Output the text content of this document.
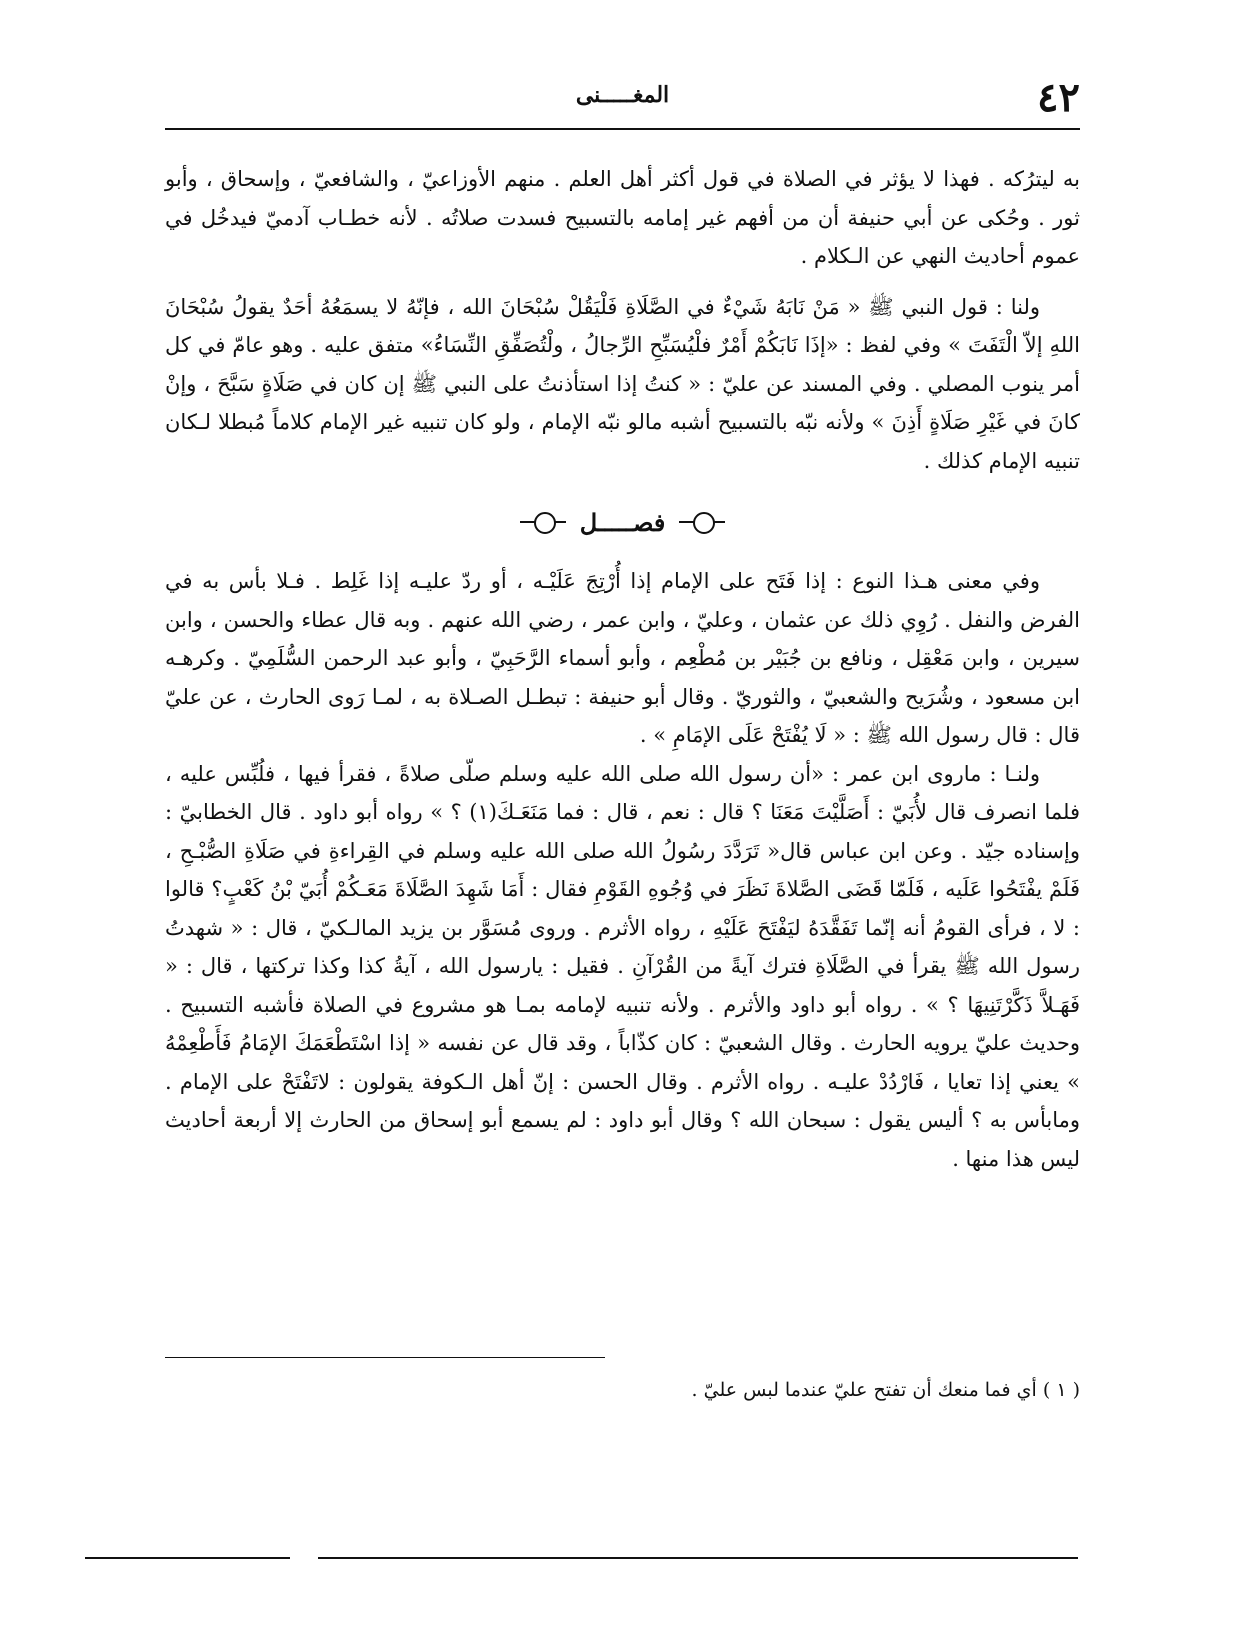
٤٢
المغـــــنى

به ليترُكه . فهذا لا يؤثر في الصلاة في قول أكثر أهل العلم . منهم الأوزاعيّ ، والشافعيّ ، وإسحاق ، وأبو ثور . وحُكى عن أبي حنيفة أن من أفهم غير إمامه بالتسبيح فسدت صلاتُه . لأنه خطـاب آدميّ فيدخُل في عموم أحاديث النهي عن الـكلام .

ولنا : قول النبي ﷺ « مَنْ نَابَهُ شَيْءٌ في الصَّلَاةِ فَلْيَقُلْ سُبْحَانَ الله ، فإنّهُ لا يسمَعُهُ أحَدٌ يقولُ سُبْحَانَ اللهِ إلاّ الْتَفَتَ » وفي لفظ : «إذَا نَابَكُمْ أَمْرٌ فلْيُسَبِّحِ الرِّجالُ ، ولْتُصَفِّقِ النِّسَاءُ» متفق عليه . وهو عامّ في كل أمر ينوب المصلي . وفي المسند عن عليّ : « كنتُ إذا استأذنتُ على النبي ﷺ إن كان في صَلَاةٍ سَبَّحَ ، وإنْ كانَ في غَيْرِ صَلَاةٍ أَذِنَ » ولأنه نبّه بالتسبيح أشبه مالو نبّه الإمام ، ولو كان تنبيه غير الإمام كلاماً مُبطلا لـكان تنبيه الإمام كذلك .

فصـــــل

وفي معنى هـذا النوع : إذا فَتَح على الإمام إذا أُرْتِجَ عَلَيْـه ، أو ردّ عليـه إذا غَلِط . فـلا بأس به في الفرض والنفل . رُوِي ذلك عن عثمان ، وعليّ ، وابن عمر ، رضي الله عنهم . وبه قال عطاء والحسن ، وابن سيرين ، وابن مَعْقِل ، ونافع بن جُبَيْر بن مُطْعِم ، وأبو أسماء الرَّحَبِيّ ، وأبو عبد الرحمن السُّلَمِيّ . وكرهـه ابن مسعود ، وشُرَيح والشعبيّ ، والثوريّ . وقال أبو حنيفة : تبطـل الصـلاة به ، لمـا رَوى الحارث ، عن عليّ قال : قال رسول الله ﷺ : « لَا يُفْتَحْ عَلَى الإمَامِ » .

ولنـا : ماروى ابن عمر : «أن رسول الله صلى الله عليه وسلم صلّى صلاةً ، فقرأ فيها ، فلُبِّس عليه ، فلما انصرف قال لأُبَيّ : أَصَلَّيْتَ مَعَنَا ؟ قال : نعم ، قال : فما مَنَعَـكَ(١) ؟ » رواه أبو داود . قال الخطابيّ : وإسناده جيّد . وعن ابن عباس قال« تَرَدَّدَ رسُولُ الله صلى الله عليه وسلم في القِراءةِ في صَلَاةِ الصُّبْـحِ ، فَلَمْ يفْتَحُوا عَلَيه ، فَلَمّا قَضَى الصَّلاةَ نَظَرَ في وُجُوهِ القَوْمِ فقال : أَمَا شَهِدَ الصَّلَاةَ مَعَـكُمْ أُبَيّ بْنُ كَعْبٍ؟ قالوا : لا ، فرأى القومُ أنه إنّما تَفَقَّدَهُ ليَفْتَحَ عَلَيْهِ ، رواه الأثرم . وروى مُسَوَّر بن يزيد المالـكيّ ، قال : « شهدتُ رسول الله ﷺ يقرأ في الصَّلَاةِ فترك آيةً من القُرْآنِ . فقيل : يارسول الله ، آيةُ كذا وكذا تركتها ، قال : « فَهَـلاَّ ذَكَّرْتَنِيهَا ؟ » . رواه أبو داود والأثرم . ولأنه تنبيه لإمامه بمـا هو مشروع في الصلاة فأشبه التسبيح . وحديث عليّ يرويه الحارث . وقال الشعبيّ : كان كذّاباً ، وقد قال عن نفسه « إذا اسْتَطْعَمَكَ الإمَامُ فَأَطْعِمْهُ » يعني إذا تعايا ، فَارْدُدْ عليـه . رواه الأثرم . وقال الحسن : إنّ أهل الـكوفة يقولون : لاتَفْتَحْ على الإمام . ومابأس به ؟ أليس يقول : سبحان الله ؟ وقال أبو داود : لم يسمع أبو إسحاق من الحارث إلا أربعة أحاديث ليس هذا منها .

( ١ ) أي فما منعك أن تفتح عليّ عندما لبس عليّ .
